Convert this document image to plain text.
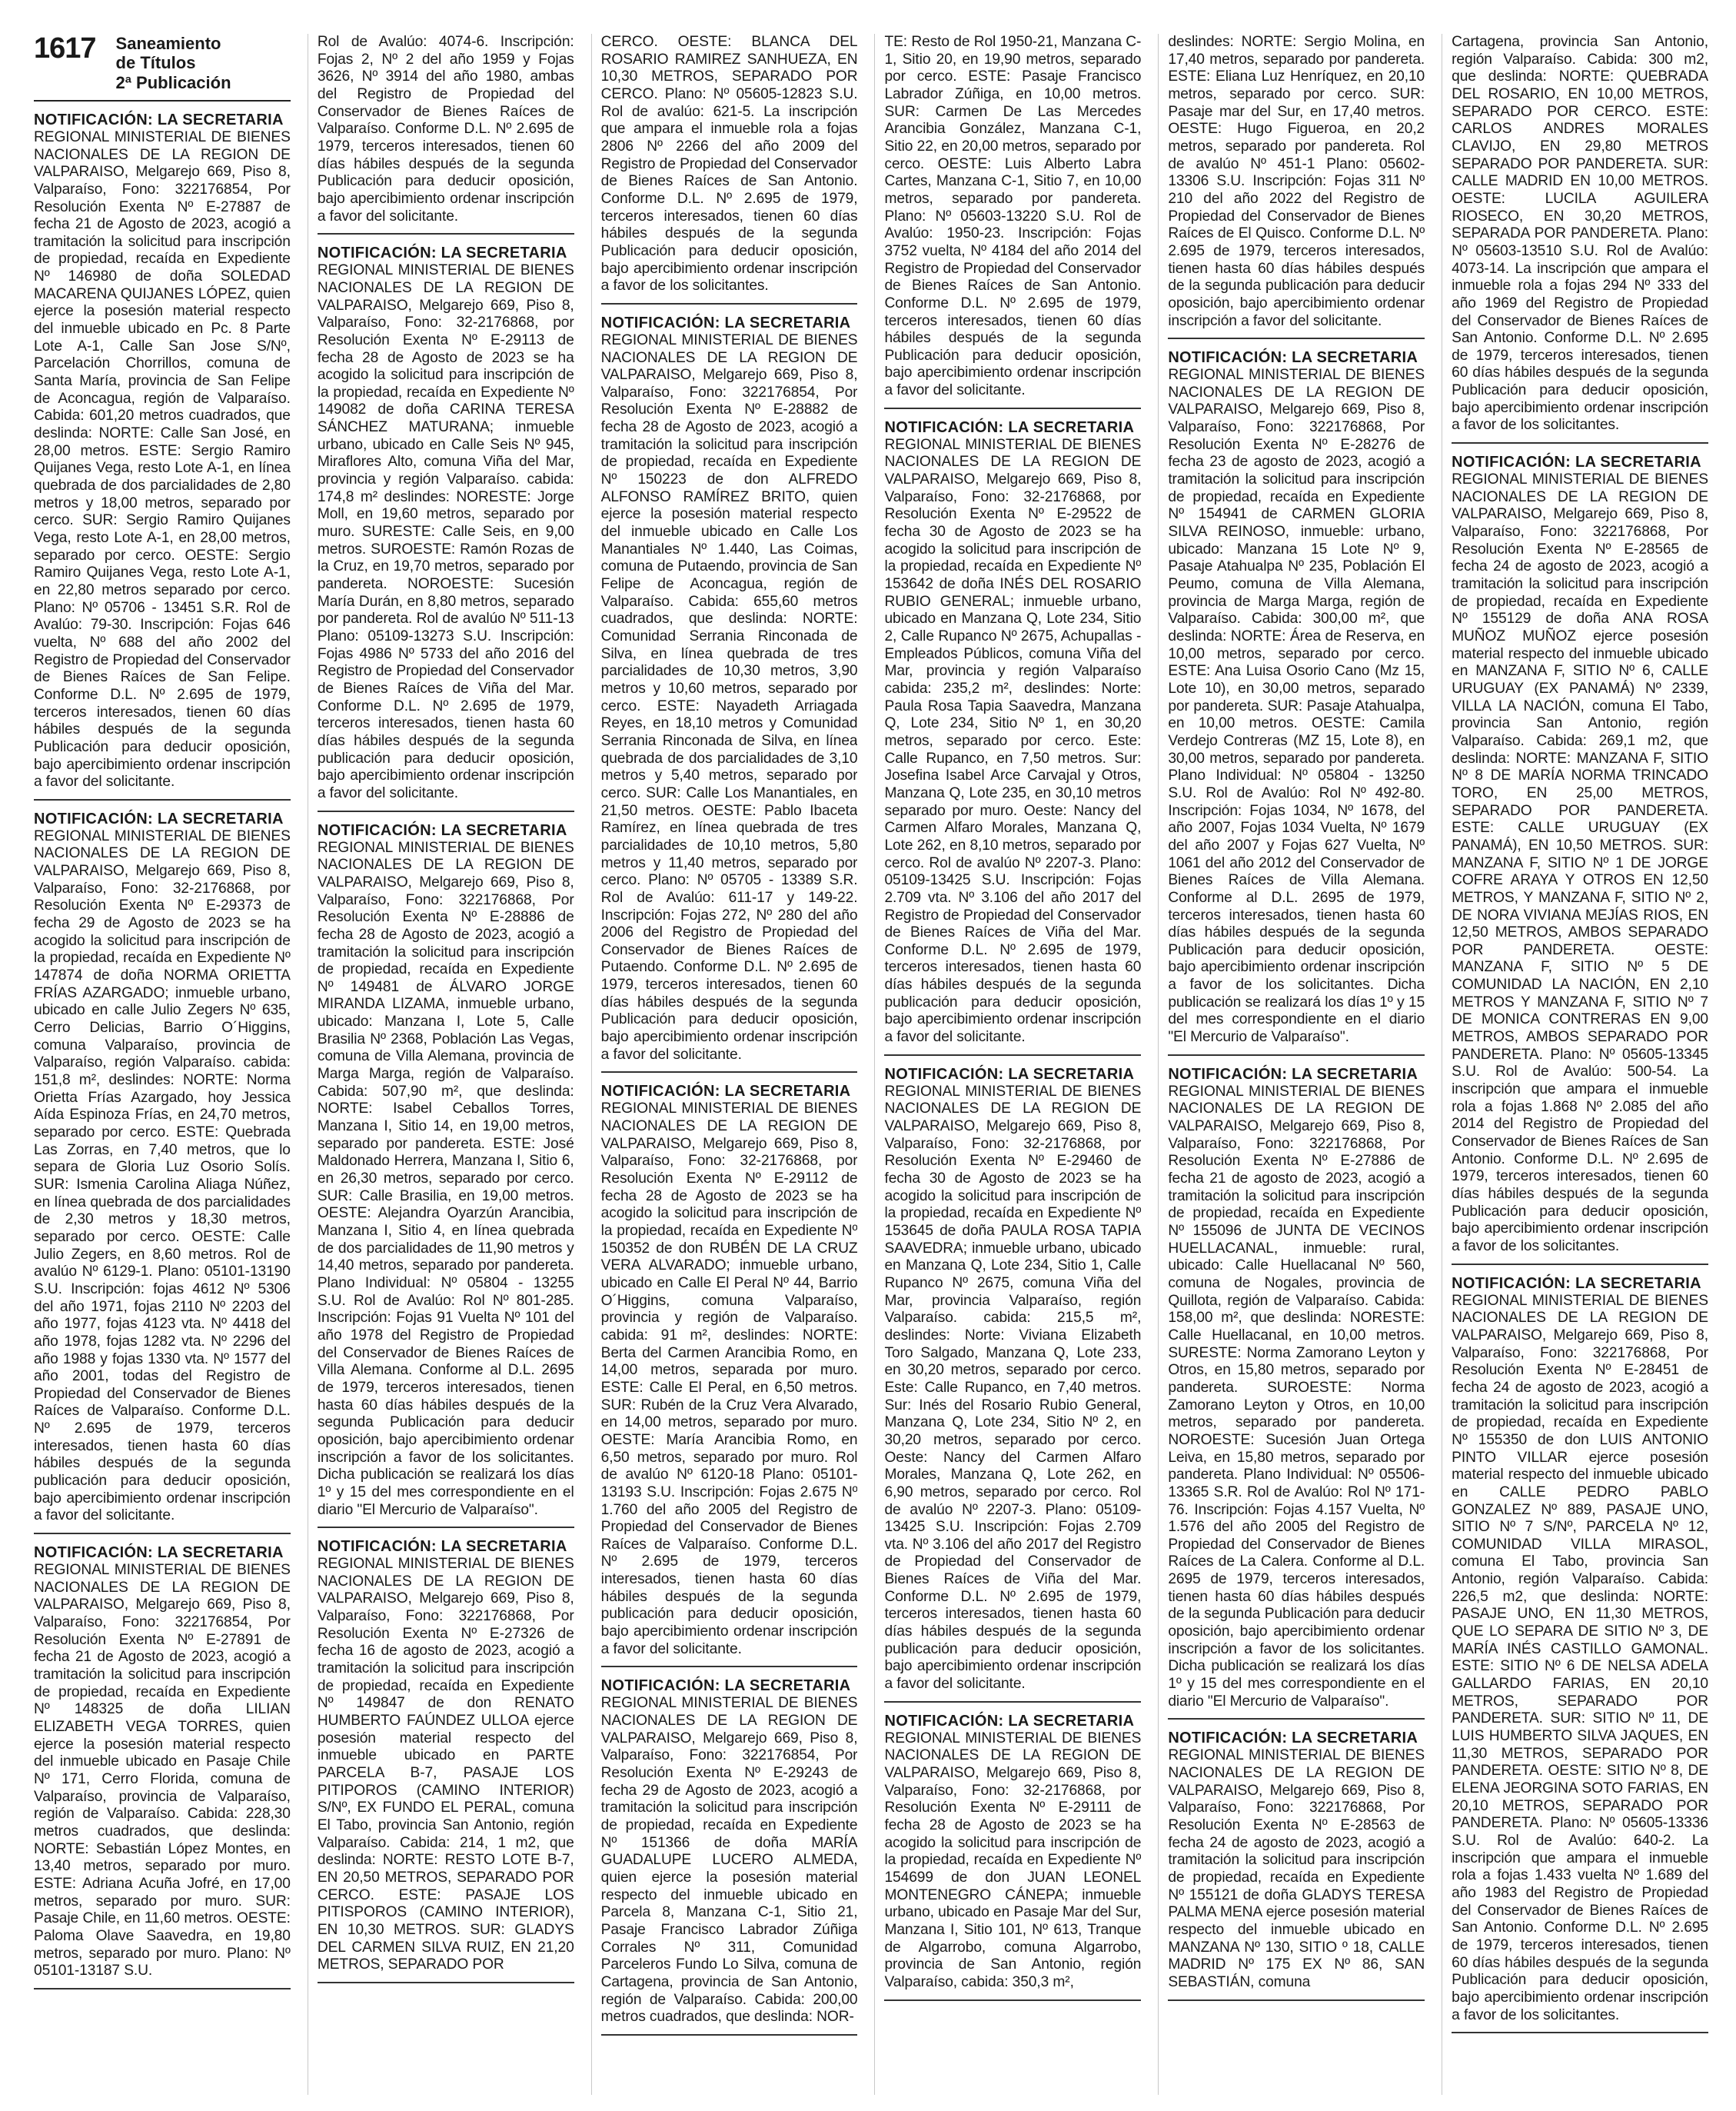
1617 Saneamiento
de Títulos
2ª Publicación
NOTIFICACIÓN: LA SECRETARIA

REGIONAL MINISTERIAL DE BIENES NACIONALES DE LA REGION DE VALPARAISO, Melgarejo 669, Piso 8, Valparaíso, Fono: 322176854, Por Resolución Exenta Nº E-27887 de fecha 21 de Agosto de 2023, acogió a tramitación la solicitud para inscripción de propiedad, recaída en Expediente Nº 146980 de doña SOLEDAD MACARENA QUIJANES LÓPEZ, quien ejerce la posesión material respecto del inmueble ubicado en Pc. 8 Parte Lote A-1, Calle San Jose S/Nº, Parcelación Chorrillos, comuna de Santa María, provincia de San Felipe de Aconcagua, región de Valparaíso. Cabida: 601,20 metros cuadrados, que deslinda: NORTE: Calle San José, en 28,00 metros. ESTE: Sergio Ramiro Quijanes Vega, resto Lote A-1, en línea quebrada de dos parcialidades de 2,80 metros y 18,00 metros, separado por cerco. SUR: Sergio Ramiro Quijanes Vega, resto Lote A-1, en 28,00 metros, separado por cerco. OESTE: Sergio Ramiro Quijanes Vega, resto Lote A-1, en 22,80 metros separado por cerco. Plano: Nº 05706 - 13451 S.R. Rol de Avalúo: 79-30. Inscripción: Fojas 646 vuelta, Nº 688 del año 2002 del Registro de Propiedad del Conservador de Bienes Raíces de San Felipe. Conforme D.L. Nº 2.695 de 1979, terceros interesados, tienen 60 días hábiles después de la segunda Publicación para deducir oposición, bajo apercibimiento ordenar inscripción a favor del solicitante.

NOTIFICACIÓN: LA SECRETARIA

REGIONAL MINISTERIAL DE BIENES NACIONALES DE LA REGION DE VALPARAISO, Melgarejo 669, Piso 8, Valparaíso, Fono: 32-2176868, por Resolución Exenta Nº E-29373 de fecha 29 de Agosto de 2023 se ha acogido la solicitud para inscripción de la propiedad, recaída en Expediente Nº 147874 de doña NORMA ORIETTA FRÍAS AZARGADO; inmueble urbano, ubicado en calle Julio Zegers Nº 635, Cerro Delicias, Barrio O´Higgins, comuna Valparaíso, provincia de Valparaíso, región Valparaíso. cabida: 151,8 m², deslindes: NORTE: Norma Orietta Frías Azargado, hoy Jessica Aída Espinoza Frías, en 24,70 metros, separado por cerco. ESTE: Quebrada Las Zorras, en 7,40 metros, que lo separa de Gloria Luz Osorio Solís. SUR: Ismenia Carolina Aliaga Núñez, en línea quebrada de dos parcialidades de 2,30 metros y 18,30 metros, separado por cerco. OESTE: Calle Julio Zegers, en 8,60 metros. Rol de avalúo Nº 6129-1. Plano: 05101-13190 S.U. Inscripción: fojas 4612 Nº 5306 del año 1971, fojas 2110 Nº 2203 del año 1977, fojas 4123 vta. Nº 4418 del año 1978, fojas 1282 vta. Nº 2296 del año 1988 y fojas 1330 vta. Nº 1577 del año 2001, todas del Registro de Propiedad del Conservador de Bienes Raíces de Valparaíso. Conforme D.L. Nº 2.695 de 1979, terceros interesados, tienen hasta 60 días hábiles después de la segunda publicación para deducir oposición, bajo apercibimiento ordenar inscripción a favor del solicitante.

NOTIFICACIÓN: LA SECRETARIA

REGIONAL MINISTERIAL DE BIENES NACIONALES DE LA REGION DE VALPARAISO, Melgarejo 669, Piso 8, Valparaíso, Fono: 322176854, Por Resolución Exenta Nº E-27891 de fecha 21 de Agosto de 2023, acogió a tramitación la solicitud para inscripción de propiedad, recaída en Expediente Nº 148325 de doña LILIAN ELIZABETH VEGA TORRES, quien ejerce la posesión material respecto del inmueble ubicado en Pasaje Chile Nº 171, Cerro Florida, comuna de Valparaíso, provincia de Valparaíso, región de Valparaíso. Cabida: 228,30 metros cuadrados, que deslinda: NORTE: Sebastián López Montes, en 13,40 metros, separado por muro. ESTE: Adriana Acuña Jofré, en 17,00 metros, separado por muro. SUR: Pasaje Chile, en 11,60 metros. OESTE: Paloma Olave Saavedra, en 19,80 metros, separado por muro. Plano: Nº 05101-13187 S.U.

Rol de Avalúo: 4074-6. Inscripción: Fojas 2, Nº 2 del año 1959 y Fojas 3626, Nº 3914 del año 1980, ambas del Registro de Propiedad del Conservador de Bienes Raíces de Valparaíso. Conforme D.L. Nº 2.695 de 1979, terceros interesados, tienen 60 días hábiles después de la segunda Publicación para deducir oposición, bajo apercibimiento ordenar inscripción a favor del solicitante.

NOTIFICACIÓN: LA SECRETARIA

REGIONAL MINISTERIAL DE BIENES NACIONALES DE LA REGION DE VALPARAISO, Melgarejo 669, Piso 8, Valparaíso, Fono: 32-2176868, por Resolución Exenta Nº E-29113 de fecha 28 de Agosto de 2023 se ha acogido la solicitud para inscripción de la propiedad, recaída en Expediente Nº 149082 de doña CARINA TERESA SÁNCHEZ MATURANA; inmueble urbano, ubicado en Calle Seis Nº 945, Miraflores Alto, comuna Viña del Mar, provincia y región Valparaíso. cabida: 174,8 m² deslindes: NORESTE: Jorge Moll, en 19,60 metros, separado por muro. SURESTE: Calle Seis, en 9,00 metros. SUROESTE: Ramón Rozas de la Cruz, en 19,70 metros, separado por pandereta. NOROESTE: Sucesión María Durán, en 8,80 metros, separado por pandereta. Rol de avalúo Nº 511-13 Plano: 05109-13273 S.U. Inscripción: Fojas 4986 Nº 5733 del año 2016 del Registro de Propiedad del Conservador de Bienes Raíces de Viña del Mar. Conforme D.L. Nº 2.695 de 1979, terceros interesados, tienen hasta 60 días hábiles después de la segunda publicación para deducir oposición, bajo apercibimiento ordenar inscripción a favor del solicitante.

NOTIFICACIÓN: LA SECRETARIA

REGIONAL MINISTERIAL DE BIENES NACIONALES DE LA REGION DE VALPARAISO, Melgarejo 669, Piso 8, Valparaíso, Fono: 322176868, Por Resolución Exenta Nº E-28886 de fecha 28 de Agosto de 2023, acogió a tramitación la solicitud para inscripción de propiedad, recaída en Expediente Nº 149481 de ÁLVARO JORGE MIRANDA LIZAMA, inmueble urbano, ubicado: Manzana I, Lote 5, Calle Brasilia Nº 2368, Población Las Vegas, comuna de Villa Alemana, provincia de Marga Marga, región de Valparaíso. Cabida: 507,90 m², que deslinda: NORTE: Isabel Ceballos Torres, Manzana I, Sitio 14, en 19,00 metros, separado por pandereta. ESTE: José Maldonado Herrera, Manzana I, Sitio 6, en 26,30 metros, separado por cerco. SUR: Calle Brasilia, en 19,00 metros. OESTE: Alejandra Oyarzún Arancibia, Manzana I, Sitio 4, en línea quebrada de dos parcialidades de 11,90 metros y 14,40 metros, separado por pandereta. Plano Individual: Nº 05804 - 13255 S.U. Rol de Avalúo: Rol Nº 801-285. Inscripción: Fojas 91 Vuelta Nº 101 del año 1978 del Registro de Propiedad del Conservador de Bienes Raíces de Villa Alemana. Conforme al D.L. 2695 de 1979, terceros interesados, tienen hasta 60 días hábiles después de la segunda Publicación para deducir oposición, bajo apercibimiento ordenar inscripción a favor de los solicitantes. Dicha publicación se realizará los días 1º y 15 del mes correspondiente en el diario "El Mercurio de Valparaíso".

NOTIFICACIÓN: LA SECRETARIA

REGIONAL MINISTERIAL DE BIENES NACIONALES DE LA REGION DE VALPARAISO, Melgarejo 669, Piso 8, Valparaíso, Fono: 322176868, Por Resolución Exenta Nº E-27326 de fecha 16 de agosto de 2023, acogió a tramitación la solicitud para inscripción de propiedad, recaída en Expediente Nº 149847 de don RENATO HUMBERTO FAÚNDEZ ULLOA ejerce posesión material respecto del inmueble ubicado en PARTE PARCELA B-7, PASAJE LOS PITIPOROS (CAMINO INTERIOR) S/Nº, EX FUNDO EL PERAL, comuna El Tabo, provincia San Antonio, región Valparaíso. Cabida: 214, 1 m2, que deslinda: NORTE: RESTO LOTE B-7, EN 20,50 METROS, SEPARADO POR CERCO. ESTE: PASAJE LOS PITISPOROS (CAMINO INTERIOR), EN 10,30 METROS. SUR: GLADYS DEL CARMEN SILVA RUIZ, EN 21,20 METROS, SEPARADO POR

CERCO. OESTE: BLANCA DEL ROSARIO RAMIREZ SANHUEZA, EN 10,30 METROS, SEPARADO POR CERCO. Plano: Nº 05605-12823 S.U. Rol de avalúo: 621-5. La inscripción que ampara el inmueble rola a fojas 2806 Nº 2266 del año 2009 del Registro de Propiedad del Conservador de Bienes Raíces de San Antonio. Conforme D.L. Nº 2.695 de 1979, terceros interesados, tienen 60 días hábiles después de la segunda Publicación para deducir oposición, bajo apercibimiento ordenar inscripción a favor de los solicitantes.

NOTIFICACIÓN: LA SECRETARIA

REGIONAL MINISTERIAL DE BIENES NACIONALES DE LA REGION DE VALPARAISO, Melgarejo 669, Piso 8, Valparaíso, Fono: 322176854, Por Resolución Exenta Nº E-28882 de fecha 28 de Agosto de 2023, acogió a tramitación la solicitud para inscripción de propiedad, recaída en Expediente Nº 150223 de don ALFREDO ALFONSO RAMÍREZ BRITO, quien ejerce la posesión material respecto del inmueble ubicado en Calle Los Manantiales Nº 1.440, Las Coimas, comuna de Putaendo, provincia de San Felipe de Aconcagua, región de Valparaíso. Cabida: 655,60 metros cuadrados, que deslinda: NORTE: Comunidad Serrania Rinconada de Silva, en línea quebrada de tres parcialidades de 10,30 metros, 3,90 metros y 10,60 metros, separado por cerco. ESTE: Nayadeth Arriagada Reyes, en 18,10 metros y Comunidad Serrania Rinconada de Silva, en línea quebrada de dos parcialidades de 3,10 metros y 5,40 metros, separado por cerco. SUR: Calle Los Manantiales, en 21,50 metros. OESTE: Pablo Ibaceta Ramírez, en línea quebrada de tres parcialidades de 10,10 metros, 5,80 metros y 11,40 metros, separado por cerco. Plano: Nº 05705 - 13389 S.R. Rol de Avalúo: 611-17 y 149-22. Inscripción: Fojas 272, Nº 280 del año 2006 del Registro de Propiedad del Conservador de Bienes Raíces de Putaendo. Conforme D.L. Nº 2.695 de 1979, terceros interesados, tienen 60 días hábiles después de la segunda Publicación para deducir oposición, bajo apercibimiento ordenar inscripción a favor del solicitante.

NOTIFICACIÓN: LA SECRETARIA

REGIONAL MINISTERIAL DE BIENES NACIONALES DE LA REGION DE VALPARAISO, Melgarejo 669, Piso 8, Valparaíso, Fono: 32-2176868, por Resolución Exenta Nº E-29112 de fecha 28 de Agosto de 2023 se ha acogido la solicitud para inscripción de la propiedad, recaída en Expediente Nº 150352 de don RUBÉN DE LA CRUZ VERA ALVARADO; inmueble urbano, ubicado en Calle El Peral Nº 44, Barrio O´Higgins, comuna Valparaíso, provincia y región de Valparaíso. cabida: 91 m², deslindes: NORTE: Berta del Carmen Arancibia Romo, en 14,00 metros, separada por muro. ESTE: Calle El Peral, en 6,50 metros. SUR: Rubén de la Cruz Vera Alvarado, en 14,00 metros, separado por muro. OESTE: María Arancibia Romo, en 6,50 metros, separado por muro. Rol de avalúo Nº 6120-18 Plano: 05101-13193 S.U. Inscripción: Fojas 2.675 Nº 1.760 del año 2005 del Registro de Propiedad del Conservador de Bienes Raíces de Valparaíso. Conforme D.L. Nº 2.695 de 1979, terceros interesados, tienen hasta 60 días hábiles después de la segunda publicación para deducir oposición, bajo apercibimiento ordenar inscripción a favor del solicitante.

NOTIFICACIÓN: LA SECRETARIA

REGIONAL MINISTERIAL DE BIENES NACIONALES DE LA REGION DE VALPARAISO, Melgarejo 669, Piso 8, Valparaíso, Fono: 322176854, Por Resolución Exenta Nº E-29243 de fecha 29 de Agosto de 2023, acogió a tramitación la solicitud para inscripción de propiedad, recaída en Expediente Nº 151366 de doña MARÍA GUADALUPE LUCERO ALMEDA, quien ejerce la posesión material respecto del inmueble ubicado en Parcela 8, Manzana C-1, Sitio 21, Pasaje Francisco Labrador Zúñiga Corrales Nº 311, Comunidad Parceleros Fundo Lo Silva, comuna de Cartagena, provincia de San Antonio, región de Valparaíso. Cabida: 200,00 metros cuadrados, que deslinda: NOR-

TE: Resto de Rol 1950-21, Manzana C-1, Sitio 20, en 19,90 metros, separado por cerco. ESTE: Pasaje Francisco Labrador Zúñiga, en 10,00 metros. SUR: Carmen De Las Mercedes Arancibia González, Manzana C-1, Sitio 22, en 20,00 metros, separado por cerco. OESTE: Luis Alberto Labra Cartes, Manzana C-1, Sitio 7, en 10,00 metros, separado por pandereta. Plano: Nº 05603-13220 S.U. Rol de Avalúo: 1950-23. Inscripción: Fojas 3752 vuelta, Nº 4184 del año 2014 del Registro de Propiedad del Conservador de Bienes Raíces de San Antonio. Conforme D.L. Nº 2.695 de 1979, terceros interesados, tienen 60 días hábiles después de la segunda Publicación para deducir oposición, bajo apercibimiento ordenar inscripción a favor del solicitante.

NOTIFICACIÓN: LA SECRETARIA

REGIONAL MINISTERIAL DE BIENES NACIONALES DE LA REGION DE VALPARAISO, Melgarejo 669, Piso 8, Valparaíso, Fono: 32-2176868, por Resolución Exenta Nº E-29522 de fecha 30 de Agosto de 2023 se ha acogido la solicitud para inscripción de la propiedad, recaída en Expediente Nº 153642 de doña INÉS DEL ROSARIO RUBIO GENERAL; inmueble urbano, ubicado en Manzana Q, Lote 234, Sitio 2, Calle Rupanco Nº 2675, Achupallas - Empleados Públicos, comuna Viña del Mar, provincia y región Valparaíso cabida: 235,2 m², deslindes: Norte: Paula Rosa Tapia Saavedra, Manzana Q, Lote 234, Sitio Nº 1, en 30,20 metros, separado por cerco. Este: Calle Rupanco, en 7,50 metros. Sur: Josefina Isabel Arce Carvajal y Otros, Manzana Q, Lote 235, en 30,10 metros separado por muro. Oeste: Nancy del Carmen Alfaro Morales, Manzana Q, Lote 262, en 8,10 metros, separado por cerco. Rol de avalúo Nº 2207-3. Plano: 05109-13425 S.U. Inscripción: Fojas 2.709 vta. Nº 3.106 del año 2017 del Registro de Propiedad del Conservador de Bienes Raíces de Viña del Mar. Conforme D.L. Nº 2.695 de 1979, terceros interesados, tienen hasta 60 días hábiles después de la segunda publicación para deducir oposición, bajo apercibimiento ordenar inscripción a favor del solicitante.

NOTIFICACIÓN: LA SECRETARIA

REGIONAL MINISTERIAL DE BIENES NACIONALES DE LA REGION DE VALPARAISO, Melgarejo 669, Piso 8, Valparaíso, Fono: 32-2176868, por Resolución Exenta Nº E-29460 de fecha 30 de Agosto de 2023 se ha acogido la solicitud para inscripción de la propiedad, recaída en Expediente Nº 153645 de doña PAULA ROSA TAPIA SAAVEDRA; inmueble urbano, ubicado en Manzana Q, Lote 234, Sitio 1, Calle Rupanco Nº 2675, comuna Viña del Mar, provincia Valparaíso, región Valparaíso. cabida: 215,5 m², deslindes: Norte: Viviana Elizabeth Toro Salgado, Manzana Q, Lote 233, en 30,20 metros, separado por cerco. Este: Calle Rupanco, en 7,40 metros. Sur: Inés del Rosario Rubio General, Manzana Q, Lote 234, Sitio Nº 2, en 30,20 metros, separado por cerco. Oeste: Nancy del Carmen Alfaro Morales, Manzana Q, Lote 262, en 6,90 metros, separado por cerco. Rol de avalúo Nº 2207-3. Plano: 05109-13425 S.U. Inscripción: Fojas 2.709 vta. Nº 3.106 del año 2017 del Registro de Propiedad del Conservador de Bienes Raíces de Viña del Mar. Conforme D.L. Nº 2.695 de 1979, terceros interesados, tienen hasta 60 días hábiles después de la segunda publicación para deducir oposición, bajo apercibimiento ordenar inscripción a favor del solicitante.

NOTIFICACIÓN: LA SECRETARIA

REGIONAL MINISTERIAL DE BIENES NACIONALES DE LA REGION DE VALPARAISO, Melgarejo 669, Piso 8, Valparaíso, Fono: 32-2176868, por Resolución Exenta Nº E-29111 de fecha 28 de Agosto de 2023 se ha acogido la solicitud para inscripción de la propiedad, recaída en Expediente Nº 154699 de don JUAN LEONEL MONTENEGRO CÁNEPA; inmueble urbano, ubicado en Pasaje Mar del Sur, Manzana I, Sitio 101, Nº 613, Tranque de Algarrobo, comuna Algarrobo, provincia de San Antonio, región Valparaíso, cabida: 350,3 m²,

deslindes: NORTE: Sergio Molina, en 17,40 metros, separado por pandereta. ESTE: Eliana Luz Henríquez, en 20,10 metros, separado por cerco. SUR: Pasaje mar del Sur, en 17,40 metros. OESTE: Hugo Figueroa, en 20,2 metros, separado por pandereta. Rol de avalúo Nº 451-1 Plano: 05602-13306 S.U. Inscripción: Fojas 311 Nº 210 del año 2022 del Registro de Propiedad del Conservador de Bienes Raíces de El Quisco. Conforme D.L. Nº 2.695 de 1979, terceros interesados, tienen hasta 60 días hábiles después de la segunda publicación para deducir oposición, bajo apercibimiento ordenar inscripción a favor del solicitante.

NOTIFICACIÓN: LA SECRETARIA

REGIONAL MINISTERIAL DE BIENES NACIONALES DE LA REGION DE VALPARAISO, Melgarejo 669, Piso 8, Valparaíso, Fono: 322176868, Por Resolución Exenta Nº E-28276 de fecha 23 de agosto de 2023, acogió a tramitación la solicitud para inscripción de propiedad, recaída en Expediente Nº 154941 de CARMEN GLORIA SILVA REINOSO, inmueble: urbano, ubicado: Manzana 15 Lote Nº 9, Pasaje Atahualpa Nº 235, Población El Peumo, comuna de Villa Alemana, provincia de Marga Marga, región de Valparaíso. Cabida: 300,00 m², que deslinda: NORTE: Área de Reserva, en 10,00 metros, separado por cerco. ESTE: Ana Luisa Osorio Cano (Mz 15, Lote 10), en 30,00 metros, separado por pandereta. SUR: Pasaje Atahualpa, en 10,00 metros. OESTE: Camila Verdejo Contreras (MZ 15, Lote 8), en 30,00 metros, separado por pandereta. Plano Individual: Nº 05804 - 13250 S.U. Rol de Avalúo: Rol Nº 492-80. Inscripción: Fojas 1034, Nº 1678, del año 2007, Fojas 1034 Vuelta, Nº 1679 del año 2007 y Fojas 627 Vuelta, Nº 1061 del año 2012 del Conservador de Bienes Raíces de Villa Alemana. Conforme al D.L. 2695 de 1979, terceros interesados, tienen hasta 60 días hábiles después de la segunda Publicación para deducir oposición, bajo apercibimiento ordenar inscripción a favor de los solicitantes. Dicha publicación se realizará los días 1º y 15 del mes correspondiente en el diario "El Mercurio de Valparaíso".

NOTIFICACIÓN: LA SECRETARIA

REGIONAL MINISTERIAL DE BIENES NACIONALES DE LA REGION DE VALPARAISO, Melgarejo 669, Piso 8, Valparaíso, Fono: 322176868, Por Resolución Exenta Nº E-27886 de fecha 21 de agosto de 2023, acogió a tramitación la solicitud para inscripción de propiedad, recaída en Expediente Nº 155096 de JUNTA DE VECINOS HUELLACANAL, inmueble: rural, ubicado: Calle Huellacanal Nº 560, comuna de Nogales, provincia de Quillota, región de Valparaíso. Cabida: 158,00 m², que deslinda: NORESTE: Calle Huellacanal, en 10,00 metros. SURESTE: Norma Zamorano Leyton y Otros, en 15,80 metros, separado por pandereta. SUROESTE: Norma Zamorano Leyton y Otros, en 10,00 metros, separado por pandereta. NOROESTE: Sucesión Juan Ortega Leiva, en 15,80 metros, separado por pandereta. Plano Individual: Nº 05506-13365 S.R. Rol de Avalúo: Rol Nº 171-76. Inscripción: Fojas 4.157 Vuelta, Nº 1.576 del año 2005 del Registro de Propiedad del Conservador de Bienes Raíces de La Calera. Conforme al D.L. 2695 de 1979, terceros interesados, tienen hasta 60 días hábiles después de la segunda Publicación para deducir oposición, bajo apercibimiento ordenar inscripción a favor de los solicitantes. Dicha publicación se realizará los días 1º y 15 del mes correspondiente en el diario "El Mercurio de Valparaíso".

NOTIFICACIÓN: LA SECRETARIA

REGIONAL MINISTERIAL DE BIENES NACIONALES DE LA REGION DE VALPARAISO, Melgarejo 669, Piso 8, Valparaíso, Fono: 322176868, Por Resolución Exenta Nº E-28563 de fecha 24 de agosto de 2023, acogió a tramitación la solicitud para inscripción de propiedad, recaída en Expediente Nº 155121 de doña GLADYS TERESA PALMA MENA ejerce posesión material respecto del inmueble ubicado en MANZANA Nº 130, SITIO º 18, CALLE MADRID Nº 175 EX Nº 86, SAN SEBASTIÁN, comuna

Cartagena, provincia San Antonio, región Valparaíso. Cabida: 300 m2, que deslinda: NORTE: QUEBRADA DEL ROSARIO, EN 10,00 METROS, SEPARADO POR CERCO. ESTE: CARLOS ANDRES MORALES CLAVIJO, EN 29,80 METROS SEPARADO POR PANDERETA. SUR: CALLE MADRID EN 10,00 METROS. OESTE: LUCILA AGUILERA RIOSECO, EN 30,20 METROS, SEPARADA POR PANDERETA. Plano: Nº 05603-13510 S.U. Rol de Avalúo: 4073-14. La inscripción que ampara el inmueble rola a fojas 294 Nº 333 del año 1969 del Registro de Propiedad del Conservador de Bienes Raíces de San Antonio. Conforme D.L. Nº 2.695 de 1979, terceros interesados, tienen 60 días hábiles después de la segunda Publicación para deducir oposición, bajo apercibimiento ordenar inscripción a favor de los solicitantes.

NOTIFICACIÓN: LA SECRETARIA

REGIONAL MINISTERIAL DE BIENES NACIONALES DE LA REGION DE VALPARAISO, Melgarejo 669, Piso 8, Valparaíso, Fono: 322176868, Por Resolución Exenta Nº E-28565 de fecha 24 de agosto de 2023, acogió a tramitación la solicitud para inscripción de propiedad, recaída en Expediente Nº 155129 de doña ANA ROSA MUÑOZ MUÑOZ ejerce posesión material respecto del inmueble ubicado en MANZANA F, SITIO Nº 6, CALLE URUGUAY (EX PANAMÁ) Nº 2339, VILLA LA NACIÓN, comuna El Tabo, provincia San Antonio, región Valparaíso. Cabida: 269,1 m2, que deslinda: NORTE: MANZANA F, SITIO Nº 8 DE MARÍA NORMA TRINCADO TORO, EN 25,00 METROS, SEPARADO POR PANDERETA. ESTE: CALLE URUGUAY (EX PANAMÁ), EN 10,50 METROS. SUR: MANZANA F, SITIO Nº 1 DE JORGE COFRE ARAYA Y OTROS EN 12,50 METROS, Y MANZANA F, SITIO Nº 2, DE NORA VIVIANA MEJÍAS RIOS, EN 12,50 METROS, AMBOS SEPARADO POR PANDERETA. OESTE: MANZANA F, SITIO Nº 5 DE COMUNIDAD LA NACIÓN, EN 2,10 METROS Y MANZANA F, SITIO Nº 7 DE MONICA CONTRERAS EN 9,00 METROS, AMBOS SEPARADO POR PANDERETA. Plano: Nº 05605-13345 S.U. Rol de Avalúo: 500-54. La inscripción que ampara el inmueble rola a fojas 1.868 Nº 2.085 del año 2014 del Registro de Propiedad del Conservador de Bienes Raíces de San Antonio. Conforme D.L. Nº 2.695 de 1979, terceros interesados, tienen 60 días hábiles después de la segunda Publicación para deducir oposición, bajo apercibimiento ordenar inscripción a favor de los solicitantes.

NOTIFICACIÓN: LA SECRETARIA

REGIONAL MINISTERIAL DE BIENES NACIONALES DE LA REGION DE VALPARAISO, Melgarejo 669, Piso 8, Valparaíso, Fono: 322176868, Por Resolución Exenta Nº E-28451 de fecha 24 de agosto de 2023, acogió a tramitación la solicitud para inscripción de propiedad, recaída en Expediente Nº 155350 de don LUIS ANTONIO PINTO VILLAR ejerce posesión material respecto del inmueble ubicado en CALLE PEDRO PABLO GONZALEZ Nº 889, PASAJE UNO, SITIO Nº 7 S/Nº, PARCELA Nº 12, COMUNIDAD VILLA MIRASOL, comuna El Tabo, provincia San Antonio, región Valparaíso. Cabida: 226,5 m2, que deslinda: NORTE: PASAJE UNO, EN 11,30 METROS, QUE LO SEPARA DE SITIO Nº 3, DE MARÍA INÉS CASTILLO GAMONAL. ESTE: SITIO Nº 6 DE NELSA ADELA GALLARDO FARIAS, EN 20,10 METROS, SEPARADO POR PANDERETA. SUR: SITIO Nº 11, DE LUIS HUMBERTO SILVA JAQUES, EN 11,30 METROS, SEPARADO POR PANDERETA. OESTE: SITIO Nº 8, DE ELENA JEORGINA SOTO FARIAS, EN 20,10 METROS, SEPARADO POR PANDERETA. Plano: Nº 05605-13336 S.U. Rol de Avalúo: 640-2. La inscripción que ampara el inmueble rola a fojas 1.433 vuelta Nº 1.689 del año 1983 del Registro de Propiedad del Conservador de Bienes Raíces de San Antonio. Conforme D.L. Nº 2.695 de 1979, terceros interesados, tienen 60 días hábiles después de la segunda Publicación para deducir oposición, bajo apercibimiento ordenar inscripción a favor de los solicitantes.
